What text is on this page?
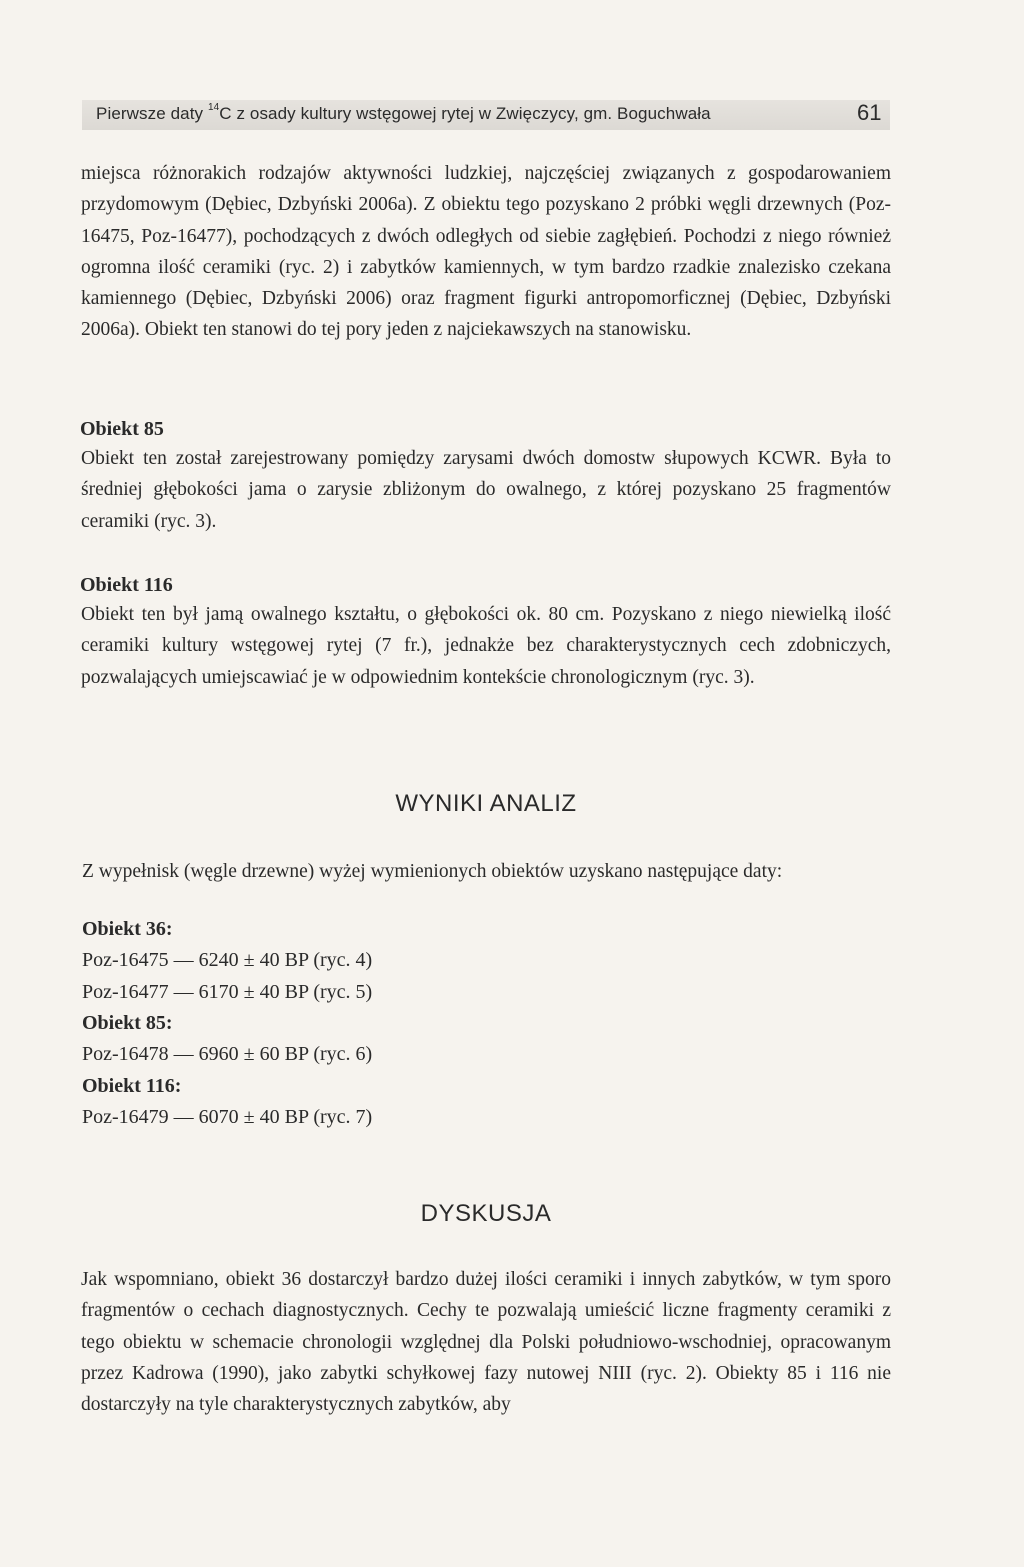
Pierwsze daty $^{14}$C z osady kultury wstęgowej rytej w Zwięczycy, gm. Boguchwała	61

miejsca różnorakich rodzajów aktywności ludzkiej, najczęściej związanych z gospodarowaniem przydomowym (Dębiec, Dzbyński 2006a). Z obiektu tego pozyskano 2 próbki węgli drzewnych (Poz-16475, Poz-16477), pochodzących z dwóch odległych od siebie zagłębień. Pochodzi z niego również ogromna ilość ceramiki (ryc. 2) i zabytków kamiennych, w tym bardzo rzadkie znalezisko czekana kamiennego (Dębiec, Dzbyński 2006) oraz fragment figurki antropomorficznej (Dębiec, Dzbyński 2006a). Obiekt ten stanowi do tej pory jeden z najciekawszych na stanowisku.

Obiekt 85

Obiekt ten został zarejestrowany pomiędzy zarysami dwóch domostw słupowych KCWR. Była to średniej głębokości jama o zarysie zbliżonym do owalnego, z której pozyskano 25 fragmentów ceramiki (ryc. 3).

Obiekt 116

Obiekt ten był jamą owalnego kształtu, o głębokości ok. 80 cm. Pozyskano z niego niewielką ilość ceramiki kultury wstęgowej rytej (7 fr.), jednakże bez charakterystycznych cech zdobniczych, pozwalających umiejscawiać je w odpowiednim kontekście chronologicznym (ryc. 3).

WYNIKI ANALIZ

Z wypełnisk (węgle drzewne) wyżej wymienionych obiektów uzyskano następujące daty:

Obiekt 36:

Poz-16475 — 6240 ± 40 BP (ryc. 4)

Poz-16477 — 6170 ± 40 BP (ryc. 5)

Obiekt 85:

Poz-16478 — 6960 ± 60 BP (ryc. 6)

Obiekt 116:

Poz-16479 — 6070 ± 40 BP (ryc. 7)

DYSKUSJA

Jak wspomniano, obiekt 36 dostarczył bardzo dużej ilości ceramiki i innych zabytków, w tym sporo fragmentów o cechach diagnostycznych. Cechy te pozwalają umieścić liczne fragmenty ceramiki z tego obiektu w schemacie chronologii względnej dla Polski południowo-wschodniej, opracowanym przez Kadrowa (1990), jako zabytki schyłkowej fazy nutowej NIII (ryc. 2). Obiekty 85 i 116 nie dostarczyły na tyle charakterystycznych zabytków, aby
